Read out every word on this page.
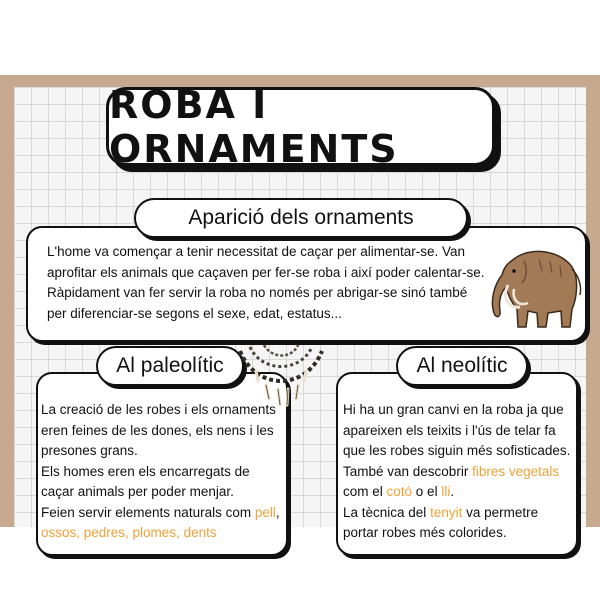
ROBA I ORNAMENTS
L'home va començar a tenir necessitat de caçar per alimentar-se. Van aprofitar els animals que caçaven per fer-se roba i així poder calentar-se. Ràpidament van fer servir la roba no només per abrigar-se sinó també per diferenciar-se segons el sexe, edat, estatus...
Aparició dels ornaments

La creació de les robes i els ornaments eren feines de les dones, els nens i les presones grans.

Els homes eren els encarregats de caçar animals per poder menjar.

Feien servir elements naturals com pell,
ossos, pedres, plomes, dents

Al paleolític

Hi ha un gran canvi en la roba ja que apareixen els teixits i l'ús de telar fa que les robes siguin més sofisticades. També van descobrir fibres vegetals com el cotó o el lli.

La tècnica del tenyit va permetre portar robes més colorides.

Al neolític
